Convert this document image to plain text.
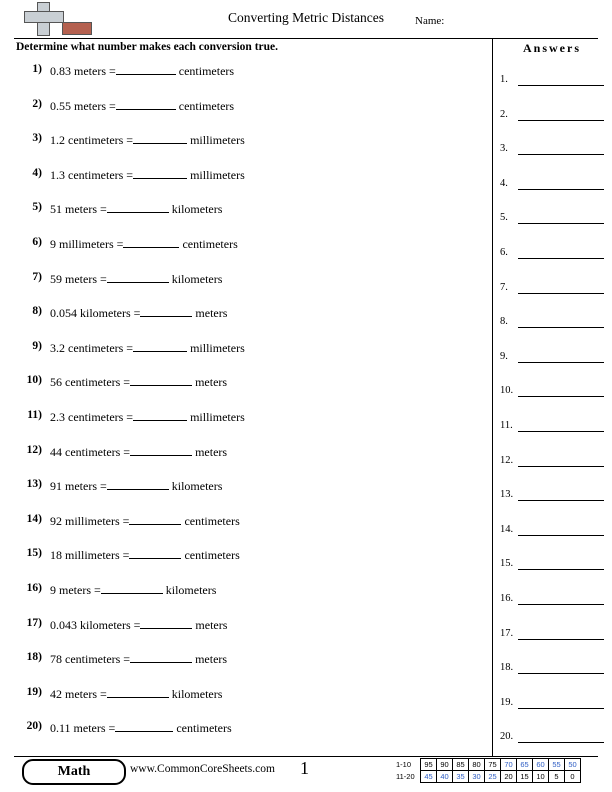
Converting Metric Distances	Name:
Determine what number makes each conversion true.
1) 0.83 meters =	centimeters
2) 0.55 meters =	centimeters
3) 1.2 centimeters =	millimeters
4) 1.3 centimeters =	millimeters
5) 51 meters =	kilometers
6) 9 millimeters =	centimeters
7) 59 meters =	kilometers
8) 0.054 kilometers =	meters
9) 3.2 centimeters =	millimeters
10) 56 centimeters =	meters
11) 2.3 centimeters =	millimeters
12) 44 centimeters =	meters
13) 91 meters =	kilometers
14) 92 millimeters =	centimeters
15) 18 millimeters =	centimeters
16) 9 meters =	kilometers
17) 0.043 kilometers =	meters
18) 78 centimeters =	meters
19) 42 meters =	kilometers
20) 0.11 meters =	centimeters
Answers
1.
2.
3.
4.
5.
6.
7.
8.
9.
10.
11.
12.
13.
14.
15.
16.
17.
18.
19.
20.
Math	www.CommonCoreSheets.com 1	1-10	95	90	85	80	75	70	65	60	55	50
11-20	45	40	35	30	25	20	15	10	5	0
